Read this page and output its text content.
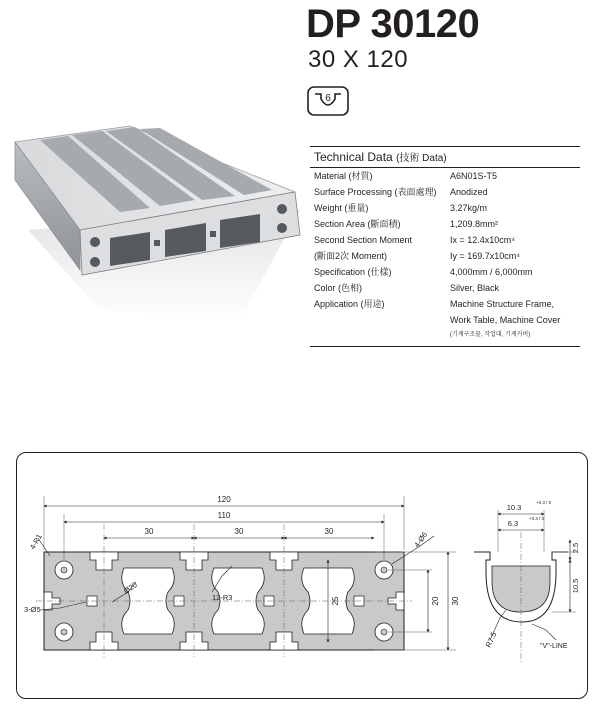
DP 30120
30 X 120
6
Technical Data (技術 Data)
Material (材質)	A6N01S-T5
Surface Processing (表面處理) Anodized
Weight (重量)	3.27kg/m
Section Area (斷面積)	1,209.8mm²
Second Section Moment	Ix = 12.4x10cm⁴
(斷面2次 Moment)	Iy = 169.7x10cm⁴
Specification (仕樣)	4,000mm / 6,000mm
Color (色相)	Silver, Black
Application (用途)	Machine Structure Frame,
Work Table, Machine Cover
(기계구조물, 작업대, 기계커버)
120
110
30	30	30
30
20
25
4-R1	4-Ø6
Ø20
12-R3
3-Ø5
10.3
+0.3 / 0
6.3
+0.3 / 0
2.5
10.5
R7.5	"V"-LINE
